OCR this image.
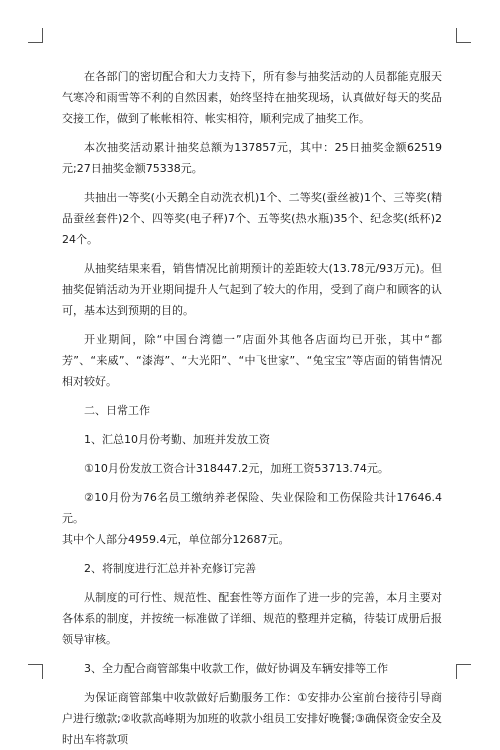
在各部门的密切配合和大力支持下，所有参与抽奖活动的人员都能克服天气寒冷和雨雪等不利的自然因素，始终坚持在抽奖现场，认真做好每天的奖品交接工作，做到了帐帐相符、帐实相符，顺利完成了抽奖工作。

本次抽奖活动累计抽奖总额为137857元，其中：25日抽奖金额62519元;27日抽奖金额75338元。

共抽出一等奖(小天鹅全自动洗衣机)1个、二等奖(蚕丝被)1个、三等奖(精品蚕丝套件)2个、四等奖(电子秤)7个、五等奖(热水瓶)35个、纪念奖(纸杯)224个。

从抽奖结果来看，销售情况比前期预计的差距较大(13.78元/93万元)。但抽奖促销活动为开业期间提升人气起到了较大的作用，受到了商户和顾客的认可，基本达到预期的目的。

开业期间，除“中国台湾德一”店面外其他各店面均已开张，其中“都芳”、“来威”、“漆海”、“大光阳”、“中飞世家”、“兔宝宝”等店面的销售情况相对较好。

二、日常工作

1、汇总10月份考勤、加班并发放工资

①10月份发放工资合计318447.2元，加班工资53713.74元。

②10月份为76名员工缴纳养老保险、失业保险和工伤保险共计17646.4元。

其中个人部分4959.4元，单位部分12687元。

2、将制度进行汇总并补充修订完善

从制度的可行性、规范性、配套性等方面作了进一步的完善，本月主要对各体系的制度，并按统一标准做了详细、规范的整理并定稿，待装订成册后报领导审核。

3、全力配合商管部集中收款工作，做好协调及车辆安排等工作

为保证商管部集中收款做好后勤服务工作：①安排办公室前台接待引导商户进行缴款;②收款高峰期为加班的收款小组员工安排好晚餐;③确保资金安全及时出车将款项
